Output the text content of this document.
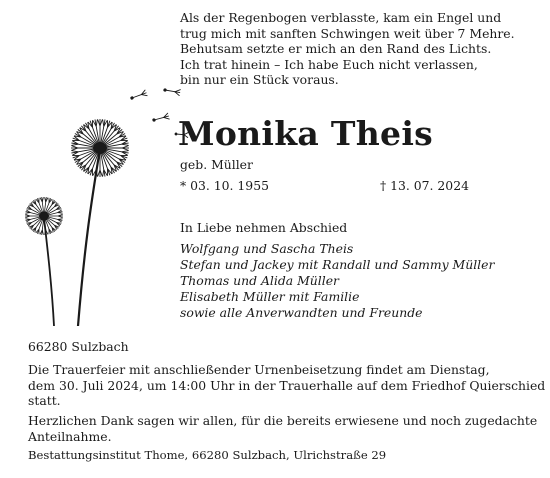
Als der Regenbogen verblasste, kam ein Engel und
trug mich mit sanften Schwingen weit über 7 Mehre.
Behutsam setzte er mich an den Rand des Lichts.
Ich trat hinein – Ich habe Euch nicht verlassen,
bin nur ein Stück voraus.
Monika Theis
geb. Müller
* 03. 10. 1955	† 13. 07. 2024
In Liebe nehmen Abschied
Wolfgang und Sascha Theis
Stefan und Jackey mit Randall und Sammy Müller
Thomas und Alida Müller
Elisabeth Müller mit Familie
sowie alle Anverwandten und Freunde
66280 Sulzbach
Die Trauerfeier mit anschließender Urnenbeisetzung findet am Dienstag,
dem 30. Juli 2024, um 14:00 Uhr in der Trauerhalle auf dem Friedhof Quierschied
statt.
Herzlichen Dank sagen wir allen, für die bereits erwiesene und noch zugedachte
Anteilnahme.
Bestattungsinstitut Thome, 66280 Sulzbach, Ulrichstraße 29
